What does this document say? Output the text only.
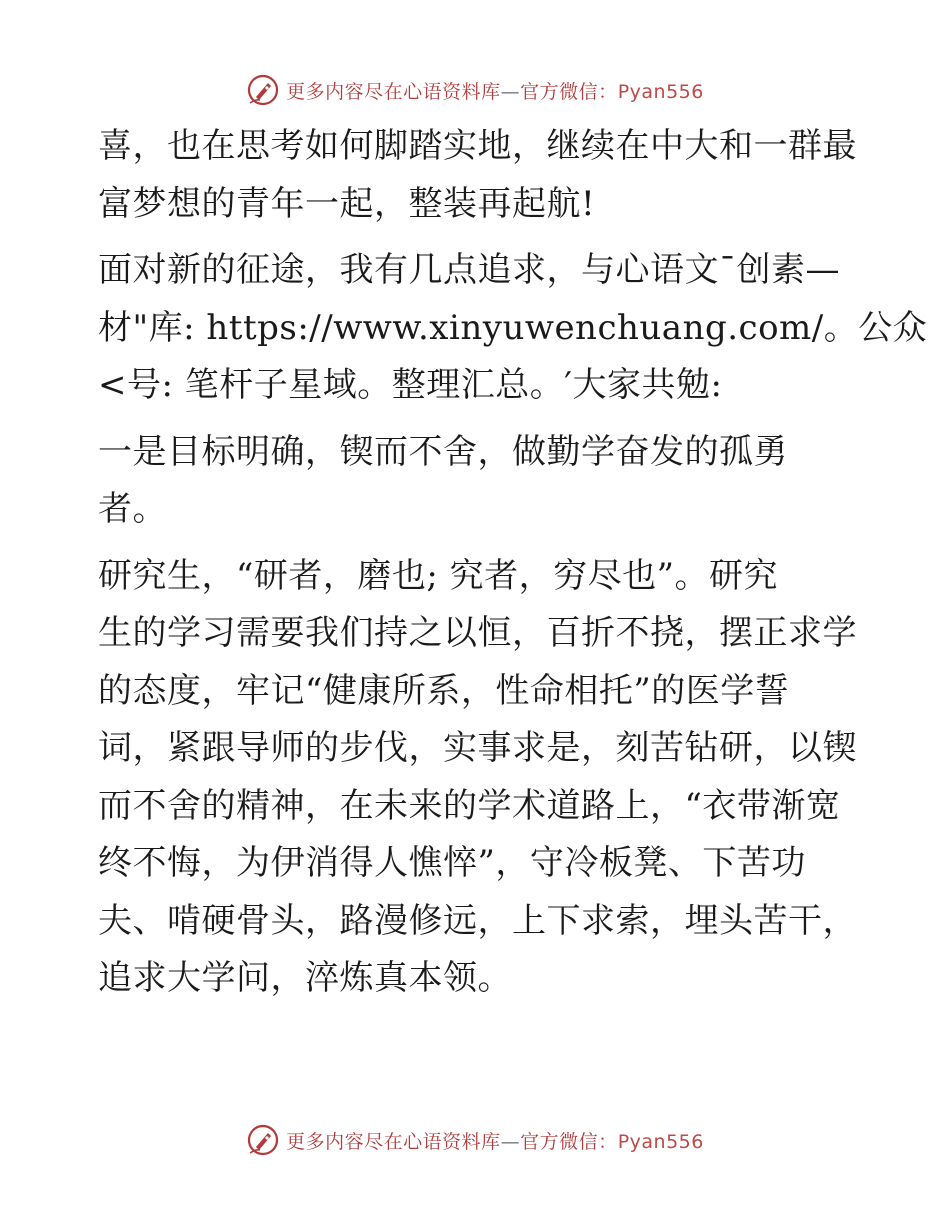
更多内容尽在心语资料库—官方微信：Pyan556
喜，也在思考如何脚踏实地，继续在中大和一群最
富梦想的青年一起，整装再起航!
面对新的征途，我有几点追求，与心语文¯创素—
材"库: https://www.xinyuwenchuang.com/。公众
<号: 笔杆子星域。整理汇总。′大家共勉:
一是目标明确，锲而不舍，做勤学奋发的孤勇
者。
研究生，“研者，磨也; 究者，穷尽也”。研究
生的学习需要我们持之以恒，百折不挠，摆正求学
的态度，牢记“健康所系，性命相托”的医学誓
词，紧跟导师的步伐，实事求是，刻苦钻研，以锲
而不舍的精神，在未来的学术道路上，“衣带渐宽
终不悔，为伊消得人憔悴”，守冷板凳、下苦功
夫、啃硬骨头，路漫修远，上下求索，埋头苦干，
追求大学问，淬炼真本领。
更多内容尽在心语资料库—官方微信：Pyan556
